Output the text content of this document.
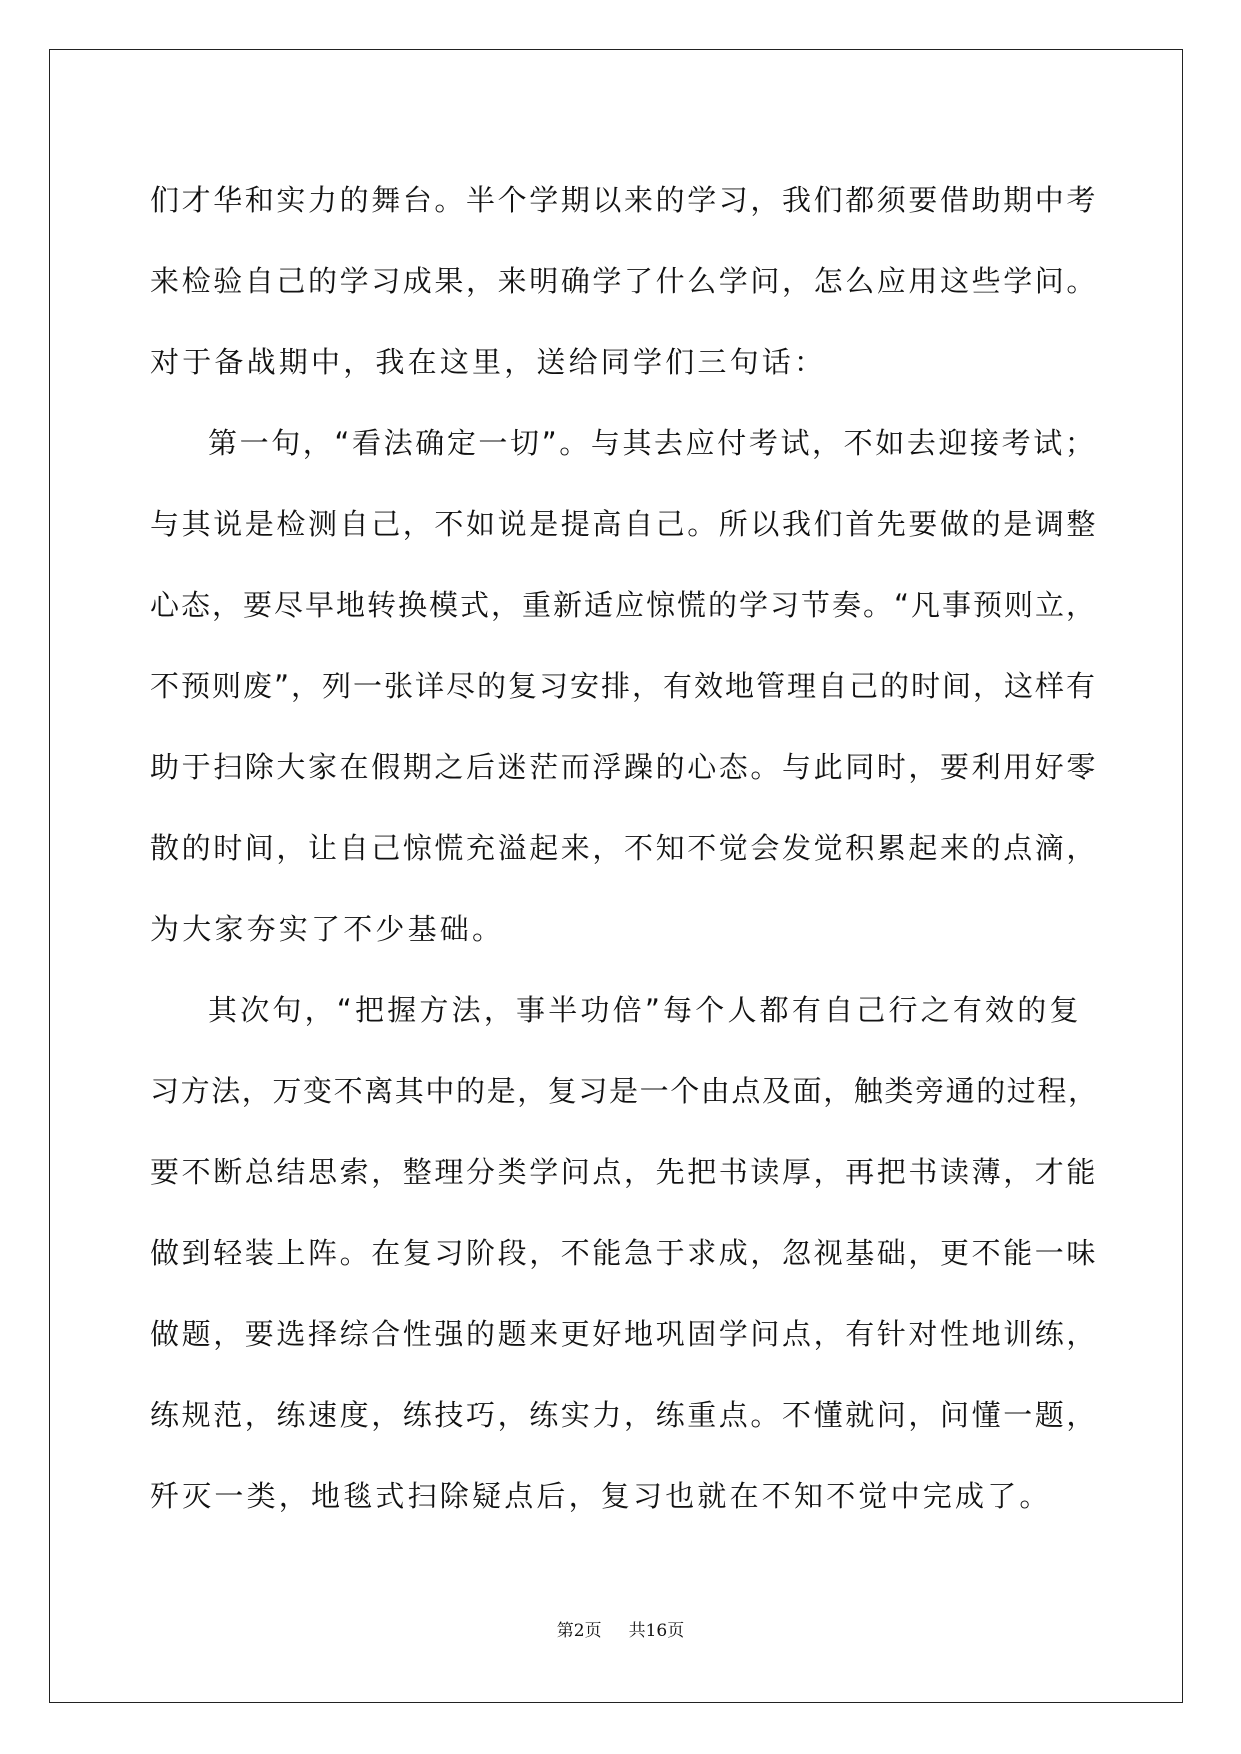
们才华和实力的舞台。半个学期以来的学习，我们都须要借助期中考
来检验自己的学习成果，来明确学了什么学问，怎么应用这些学问。
对于备战期中，我在这里，送给同学们三句话：

第一句，“看法确定一切”。与其去应付考试，不如去迎接考试；
与其说是检测自己，不如说是提高自己。所以我们首先要做的是调整
心态，要尽早地转换模式，重新适应惊慌的学习节奏。“凡事预则立，
不预则废”，列一张详尽的复习安排，有效地管理自己的时间，这样有
助于扫除大家在假期之后迷茫而浮躁的心态。与此同时，要利用好零
散的时间，让自己惊慌充溢起来，不知不觉会发觉积累起来的点滴，
为大家夯实了不少基础。

其次句，“把握方法，事半功倍”每个人都有自己行之有效的复
习方法，万变不离其中的是，复习是一个由点及面，触类旁通的过程，
要不断总结思索，整理分类学问点，先把书读厚，再把书读薄，才能
做到轻装上阵。在复习阶段，不能急于求成，忽视基础，更不能一味
做题，要选择综合性强的题来更好地巩固学问点，有针对性地训练，
练规范，练速度，练技巧，练实力，练重点。不懂就问，问懂一题，
歼灭一类，地毯式扫除疑点后，复习也就在不知不觉中完成了。

第2页 共16页
